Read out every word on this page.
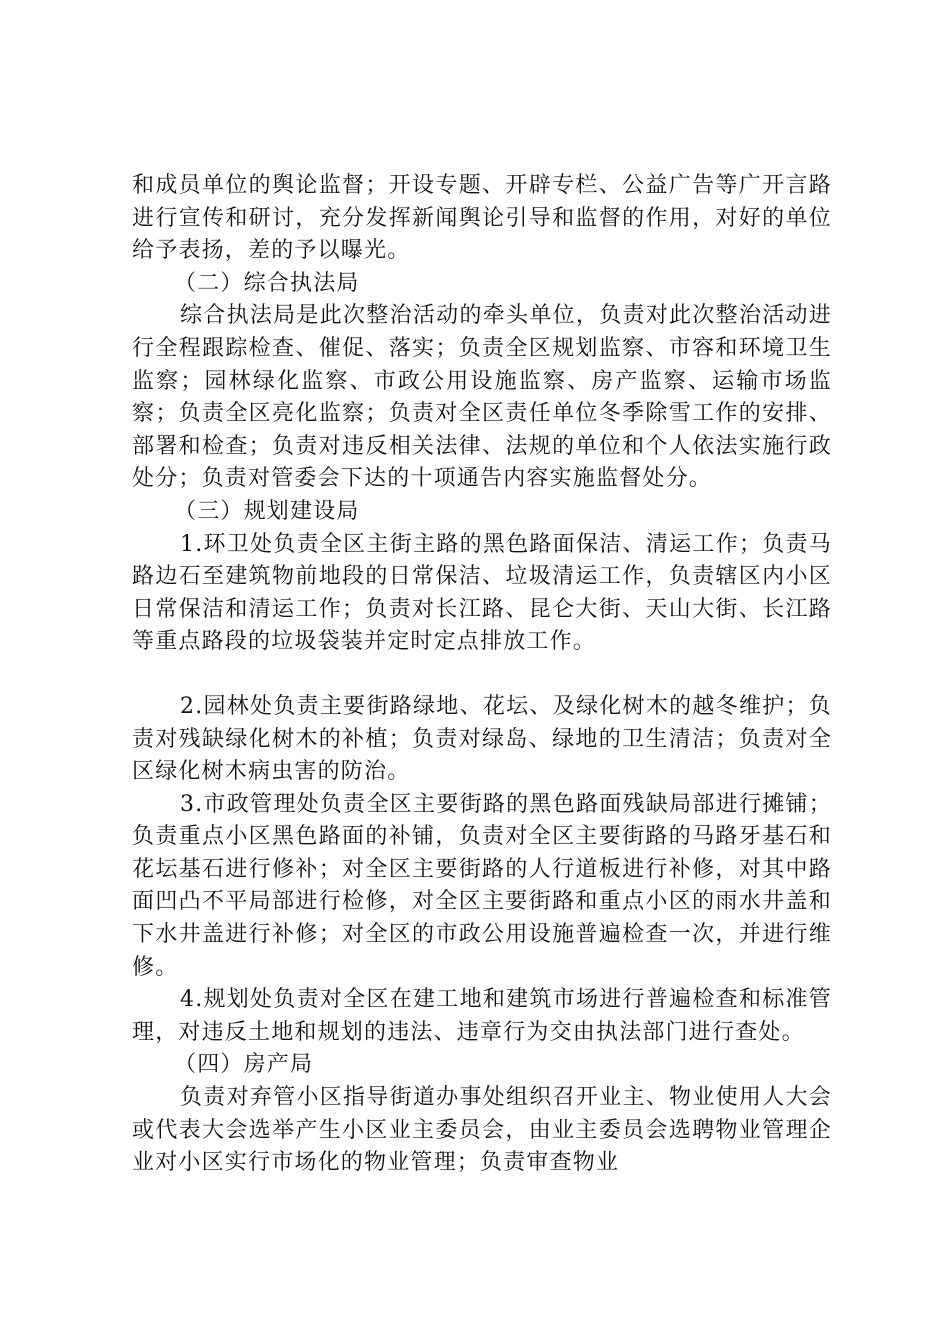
和成员单位的舆论监督；开设专题、开辟专栏、公益广告等广开言路进行宣传和研讨，充分发挥新闻舆论引导和监督的作用，对好的单位给予表扬，差的予以曝光。

（二）综合执法局

综合执法局是此次整治活动的牵头单位，负责对此次整治活动进行全程跟踪检查、催促、落实；负责全区规划监察、市容和环境卫生监察；园林绿化监察、市政公用设施监察、房产监察、运输市场监察；负责全区亮化监察；负责对全区责任单位冬季除雪工作的安排、部署和检查；负责对违反相关法律、法规的单位和个人依法实施行政处分；负责对管委会下达的十项通告内容实施监督处分。

（三）规划建设局

1.环卫处负责全区主街主路的黑色路面保洁、清运工作；负责马路边石至建筑物前地段的日常保洁、垃圾清运工作，负责辖区内小区日常保洁和清运工作；负责对长江路、昆仑大街、天山大街、长江路等重点路段的垃圾袋装并定时定点排放工作。

2.园林处负责主要街路绿地、花坛、及绿化树木的越冬维护；负责对残缺绿化树木的补植；负责对绿岛、绿地的卫生清洁；负责对全区绿化树木病虫害的防治。

3.市政管理处负责全区主要街路的黑色路面残缺局部进行摊铺；负责重点小区黑色路面的补铺，负责对全区主要街路的马路牙基石和花坛基石进行修补；对全区主要街路的人行道板进行补修，对其中路面凹凸不平局部进行检修，对全区主要街路和重点小区的雨水井盖和下水井盖进行补修；对全区的市政公用设施普遍检查一次，并进行维修。

4.规划处负责对全区在建工地和建筑市场进行普遍检查和标准管理，对违反土地和规划的违法、违章行为交由执法部门进行查处。

（四）房产局

负责对弃管小区指导街道办事处组织召开业主、物业使用人大会或代表大会选举产生小区业主委员会，由业主委员会选聘物业管理企业对小区实行市场化的物业管理；负责审查物业
